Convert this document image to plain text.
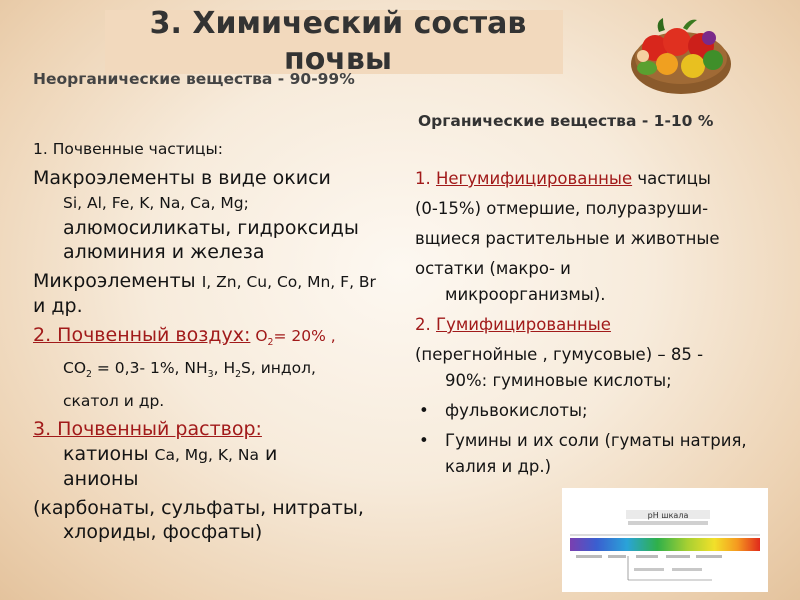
3. Химический состав почвы

Неорганические вещества - 90-99%

1. Почвенные частицы:

Макроэлементы в виде окиси

Si, Al, Fe, K, Na, Ca, Mg;

алюмосиликаты, гидроксиды алюминия и железа

Микроэлементы I, Zn, Cu, Co, Mn, F, Br и др.

2. Почвенный воздух: $O_2= 20\%$ ,

$CO_2 = 0,3-$ 1%, $NH_3$, $H_2S$, индол,

скатол и др.

3. Почвенный раствор:

катионы Ca, Mg, K, Na и

анионы

(карбонаты, сульфаты, нитраты, хлориды, фосфаты)

Органические вещества - 1-10 %

1. Негумифицированные частицы

(0-15%) отмершие, полуразруши-

вщиеся растительные и животные

остатки (макро- и

микроорганизмы).

2. Гумифицированные

(перегнойные , гумусовые) – 85 -

90%: гуминовые кислоты;

• фульвокислоты;

• Гумины и их соли (гуматы натрия, калия и др.)

pH шкала
